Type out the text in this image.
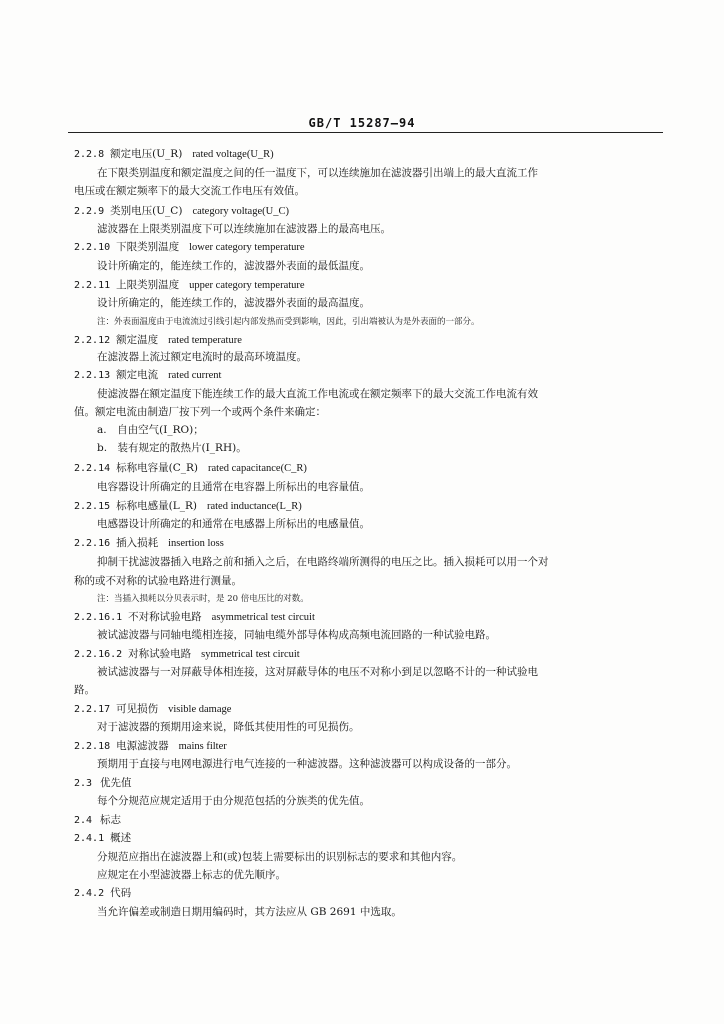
GB/T 15287—94
2.2.8 额定电压(U_R) rated voltage(U_R)
在下限类别温度和额定温度之间的任一温度下，可以连续施加在滤波器引出端上的最大直流工作
电压或在额定频率下的最大交流工作电压有效值。
2.2.9 类别电压(U_C) category voltage(U_C)
滤波器在上限类别温度下可以连续施加在滤波器上的最高电压。
2.2.10 下限类别温度 lower category temperature
设计所确定的，能连续工作的，滤波器外表面的最低温度。
2.2.11 上限类别温度 upper category temperature
设计所确定的，能连续工作的，滤波器外表面的最高温度。
注：外表面温度由于电流流过引线引起内部发热而受到影响，因此，引出端被认为是外表面的一部分。
2.2.12 额定温度 rated temperature
在滤波器上流过额定电流时的最高环境温度。
2.2.13 额定电流 rated current
使滤波器在额定温度下能连续工作的最大直流工作电流或在额定频率下的最大交流工作电流有效
值。额定电流由制造厂按下列一个或两个条件来确定：
a.　自由空气(I_RO)；
b.　装有规定的散热片(I_RH)。
2.2.14 标称电容量(C_R) rated capacitance(C_R)
电容器设计所确定的且通常在电容器上所标出的电容量值。
2.2.15 标称电感量(L_R) rated inductance(L_R)
电感器设计所确定的和通常在电感器上所标出的电感量值。
2.2.16 插入损耗 insertion loss
抑制干扰滤波器插入电路之前和插入之后，在电路终端所测得的电压之比。插入损耗可以用一个对
称的或不对称的试验电路进行测量。
注：当插入损耗以分贝表示时，是 20 倍电压比的对数。
2.2.16.1 不对称试验电路 asymmetrical test circuit
被试滤波器与同轴电缆相连接，同轴电缆外部导体构成高频电流回路的一种试验电路。
2.2.16.2 对称试验电路 symmetrical test circuit
被试滤波器与一对屏蔽导体相连接，这对屏蔽导体的电压不对称小到足以忽略不计的一种试验电
路。
2.2.17 可见损伤 visible damage
对于滤波器的预期用途来说，降低其使用性的可见损伤。
2.2.18 电源滤波器 mains filter
预期用于直接与电网电源进行电气连接的一种滤波器。这种滤波器可以构成设备的一部分。
2.3 优先值
每个分规范应规定适用于由分规范包括的分族类的优先值。
2.4 标志
2.4.1 概述
分规范应指出在滤波器上和(或)包装上需要标出的识别标志的要求和其他内容。
应规定在小型滤波器上标志的优先顺序。
2.4.2 代码
当允许偏差或制造日期用编码时，其方法应从 GB 2691 中选取。
